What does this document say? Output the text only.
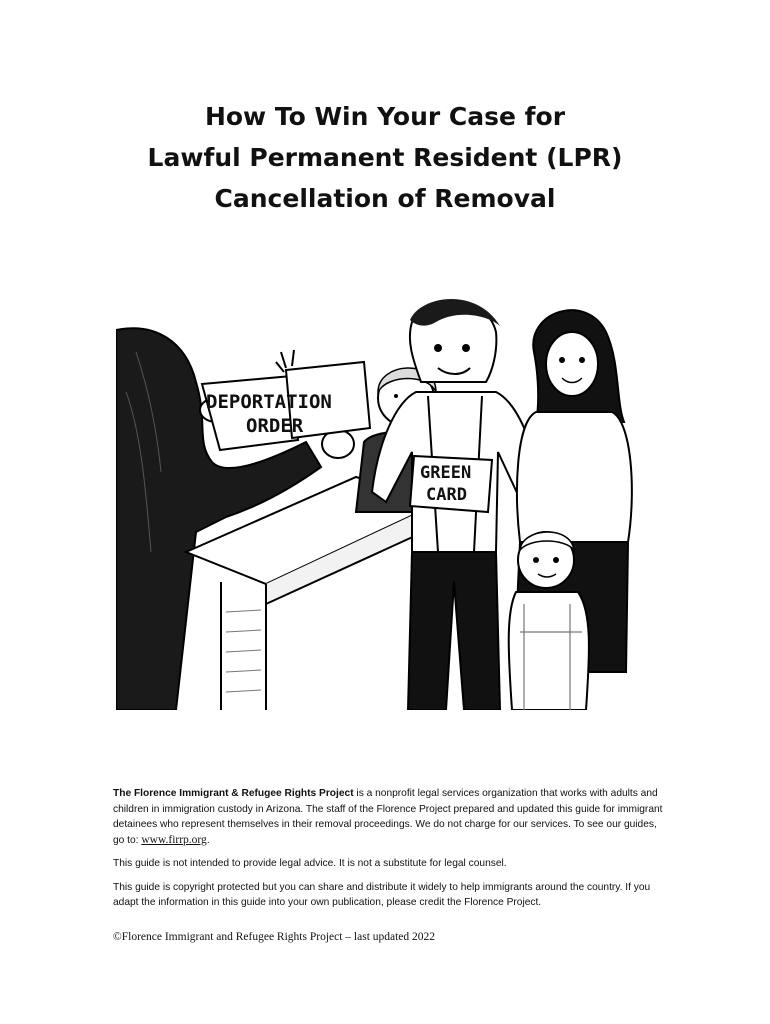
How To Win Your Case for
Lawful Permanent Resident (LPR)
Cancellation of Removal
DEPORTATION
ORDER
GREEN
CARD

The Florence Immigrant & Refugee Rights Project is a nonprofit legal services organization that works with adults and children in immigration custody in Arizona. The staff of the Florence Project prepared and updated this guide for immigrant detainees who represent themselves in their removal proceedings. We do not charge for our services. To see our guides, go to: www.firrp.org.

This guide is not intended to provide legal advice. It is not a substitute for legal counsel.

This guide is copyright protected but you can share and distribute it widely to help immigrants around the country. If you adapt the information in this guide into your own publication, please credit the Florence Project.

©Florence Immigrant and Refugee Rights Project – last updated 2022
